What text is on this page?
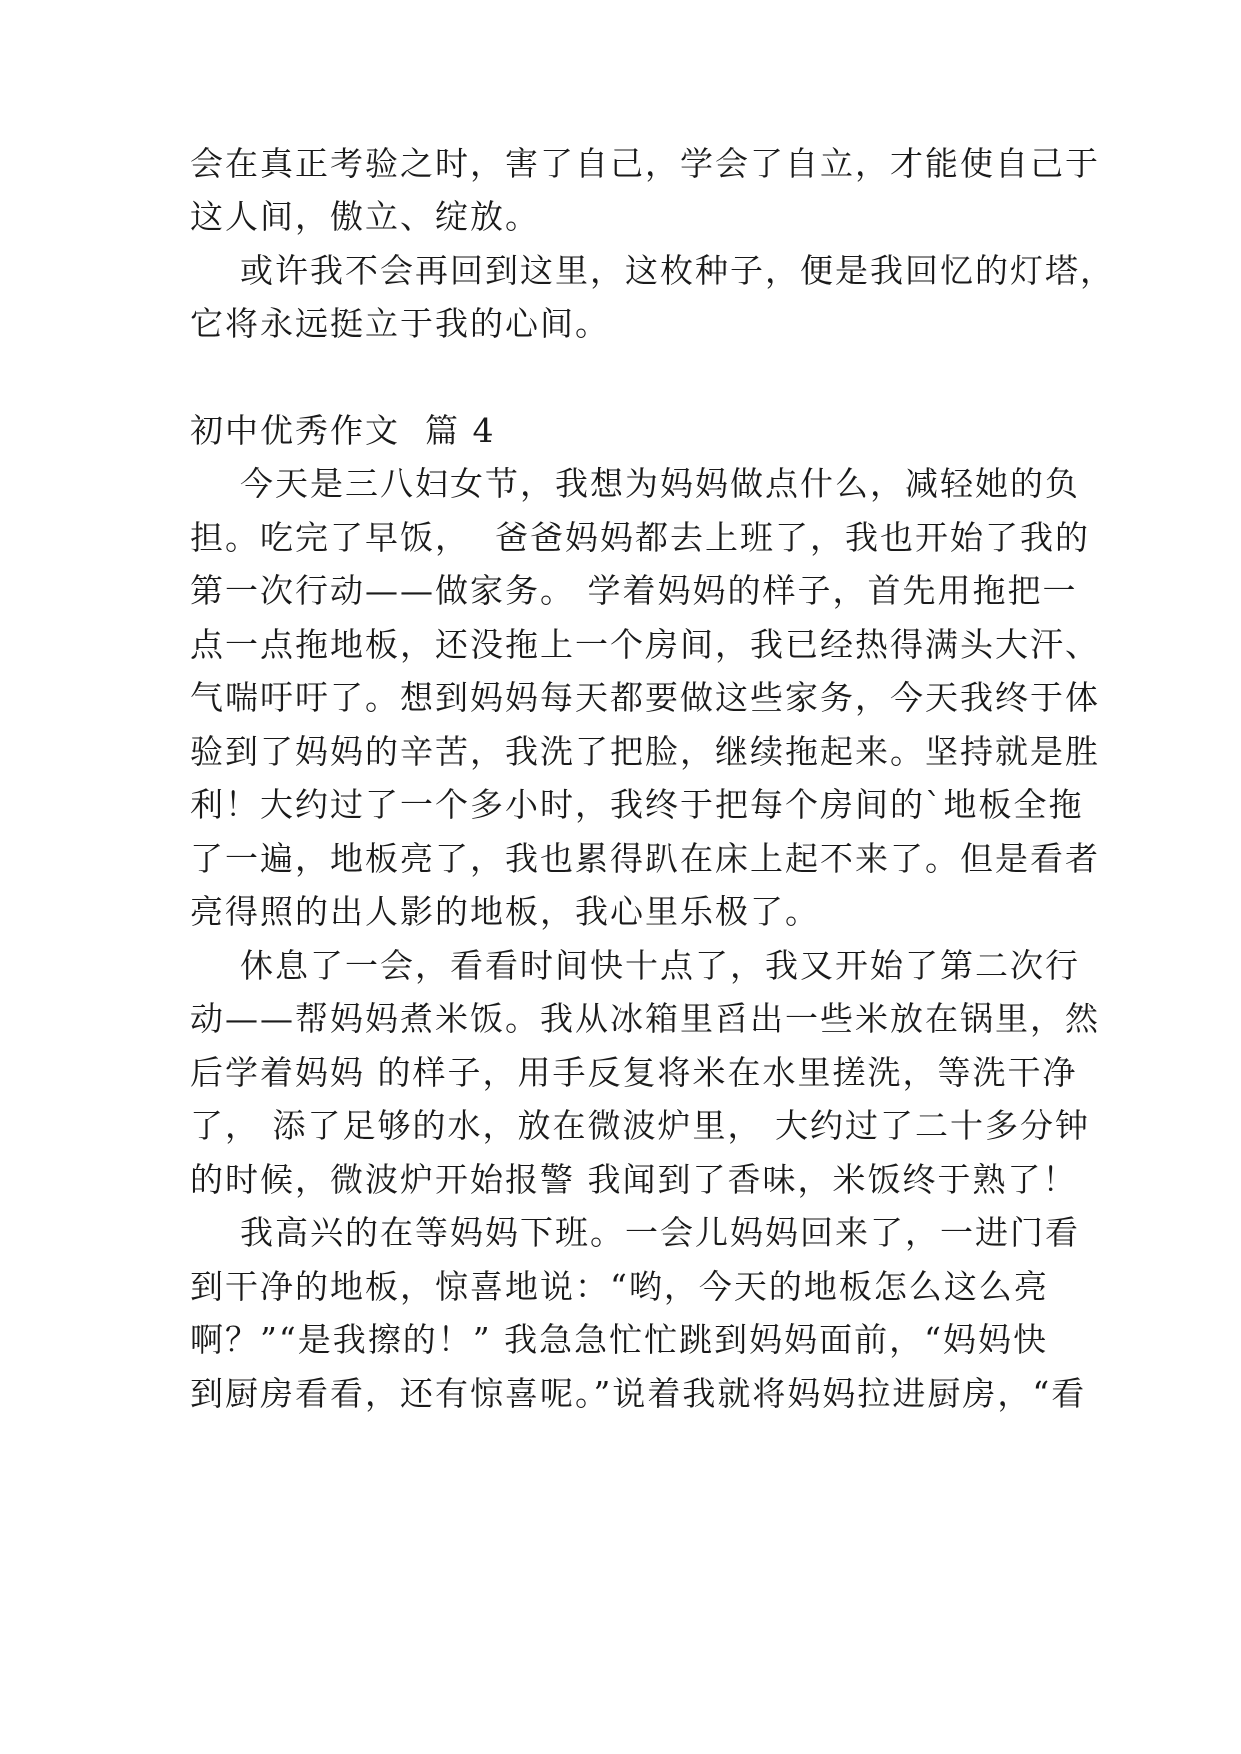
会在真正考验之时，害了自己，学会了自立，才能使自己于
这人间，傲立、绽放。
或许我不会再回到这里，这枚种子，便是我回忆的灯塔，
它将永远挺立于我的心间。
初中优秀作文  篇 4
今天是三八妇女节，我想为妈妈做点什么，减轻她的负
担。吃完了早饭，  爸爸妈妈都去上班了，我也开始了我的
第一次行动——做家务。 学着妈妈的样子，首先用拖把一
点一点拖地板，还没拖上一个房间，我已经热得满头大汗、
气喘吁吁了。想到妈妈每天都要做这些家务，今天我终于体
验到了妈妈的辛苦，我洗了把脸，继续拖起来。坚持就是胜
利！大约过了一个多小时，我终于把每个房间的`地板全拖
了一遍，地板亮了，我也累得趴在床上起不来了。但是看者
亮得照的出人影的地板，我心里乐极了。
休息了一会，看看时间快十点了，我又开始了第二次行
动——帮妈妈煮米饭。我从冰箱里舀出一些米放在锅里，然
后学着妈妈 的样子，用手反复将米在水里搓洗，等洗干净
了， 添了足够的水，放在微波炉里， 大约过了二十多分钟
的时候，微波炉开始报警 我闻到了香味，米饭终于熟了！
我高兴的在等妈妈下班。一会儿妈妈回来了，一进门看
到干净的地板，惊喜地说：“哟，今天的地板怎么这么亮
啊？”“是我擦的！” 我急急忙忙跳到妈妈面前，“妈妈快
到厨房看看，还有惊喜呢。”说着我就将妈妈拉进厨房，“看
